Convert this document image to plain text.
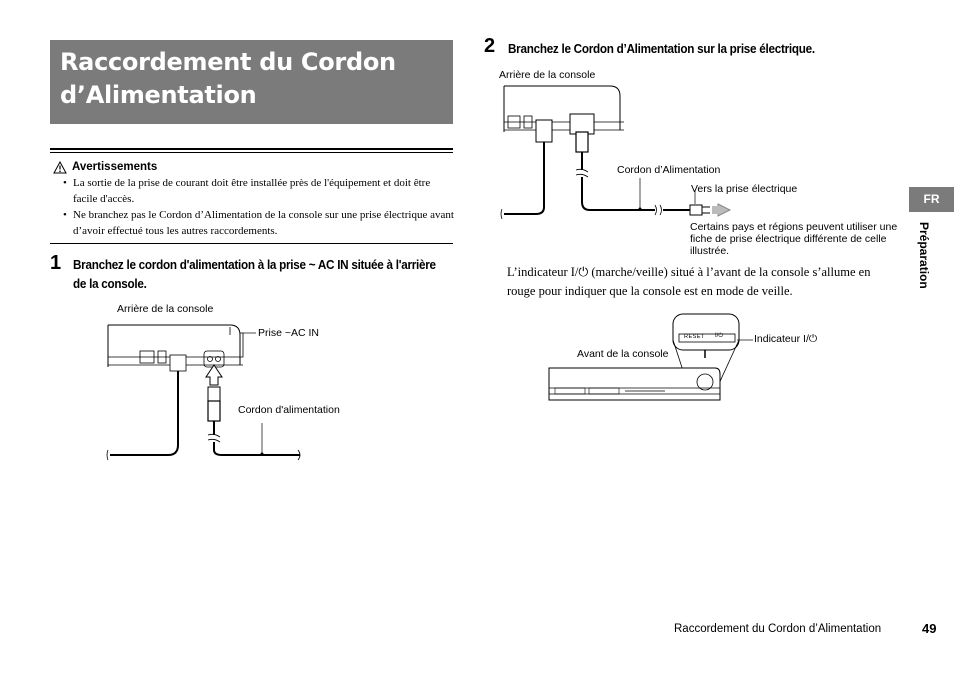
Raccordement du Cordon d’Alimentation
Avertissements
• La sortie de la prise de courant doit être installée près de l'équipement et doit être facile d'accès.
• Ne branchez pas le Cordon d’Alimentation de la console sur une prise électrique avant d’avoir effectué tous les autres raccordements.
1 Branchez le cordon d'alimentation à la prise ~ AC IN située à l'arrière de la console.
Arrière de la console
Prise ~AC IN
Cordon d'alimentation
2 Branchez le Cordon d’Alimentation sur la prise électrique.
Arrière de la console
Cordon d’Alimentation
Vers la prise électrique
Certains pays et régions peuvent utiliser une fiche de prise électrique différente de celle illustrée.
L’indicateur I/⏻ (marche/veille) situé à l’avant de la console s’allume en rouge pour indiquer que la console est en mode de veille.
Avant de la console
Indicateur I/⏻
RESET I/⏻
FR
Préparation
Raccordement du Cordon d’Alimentation	49
